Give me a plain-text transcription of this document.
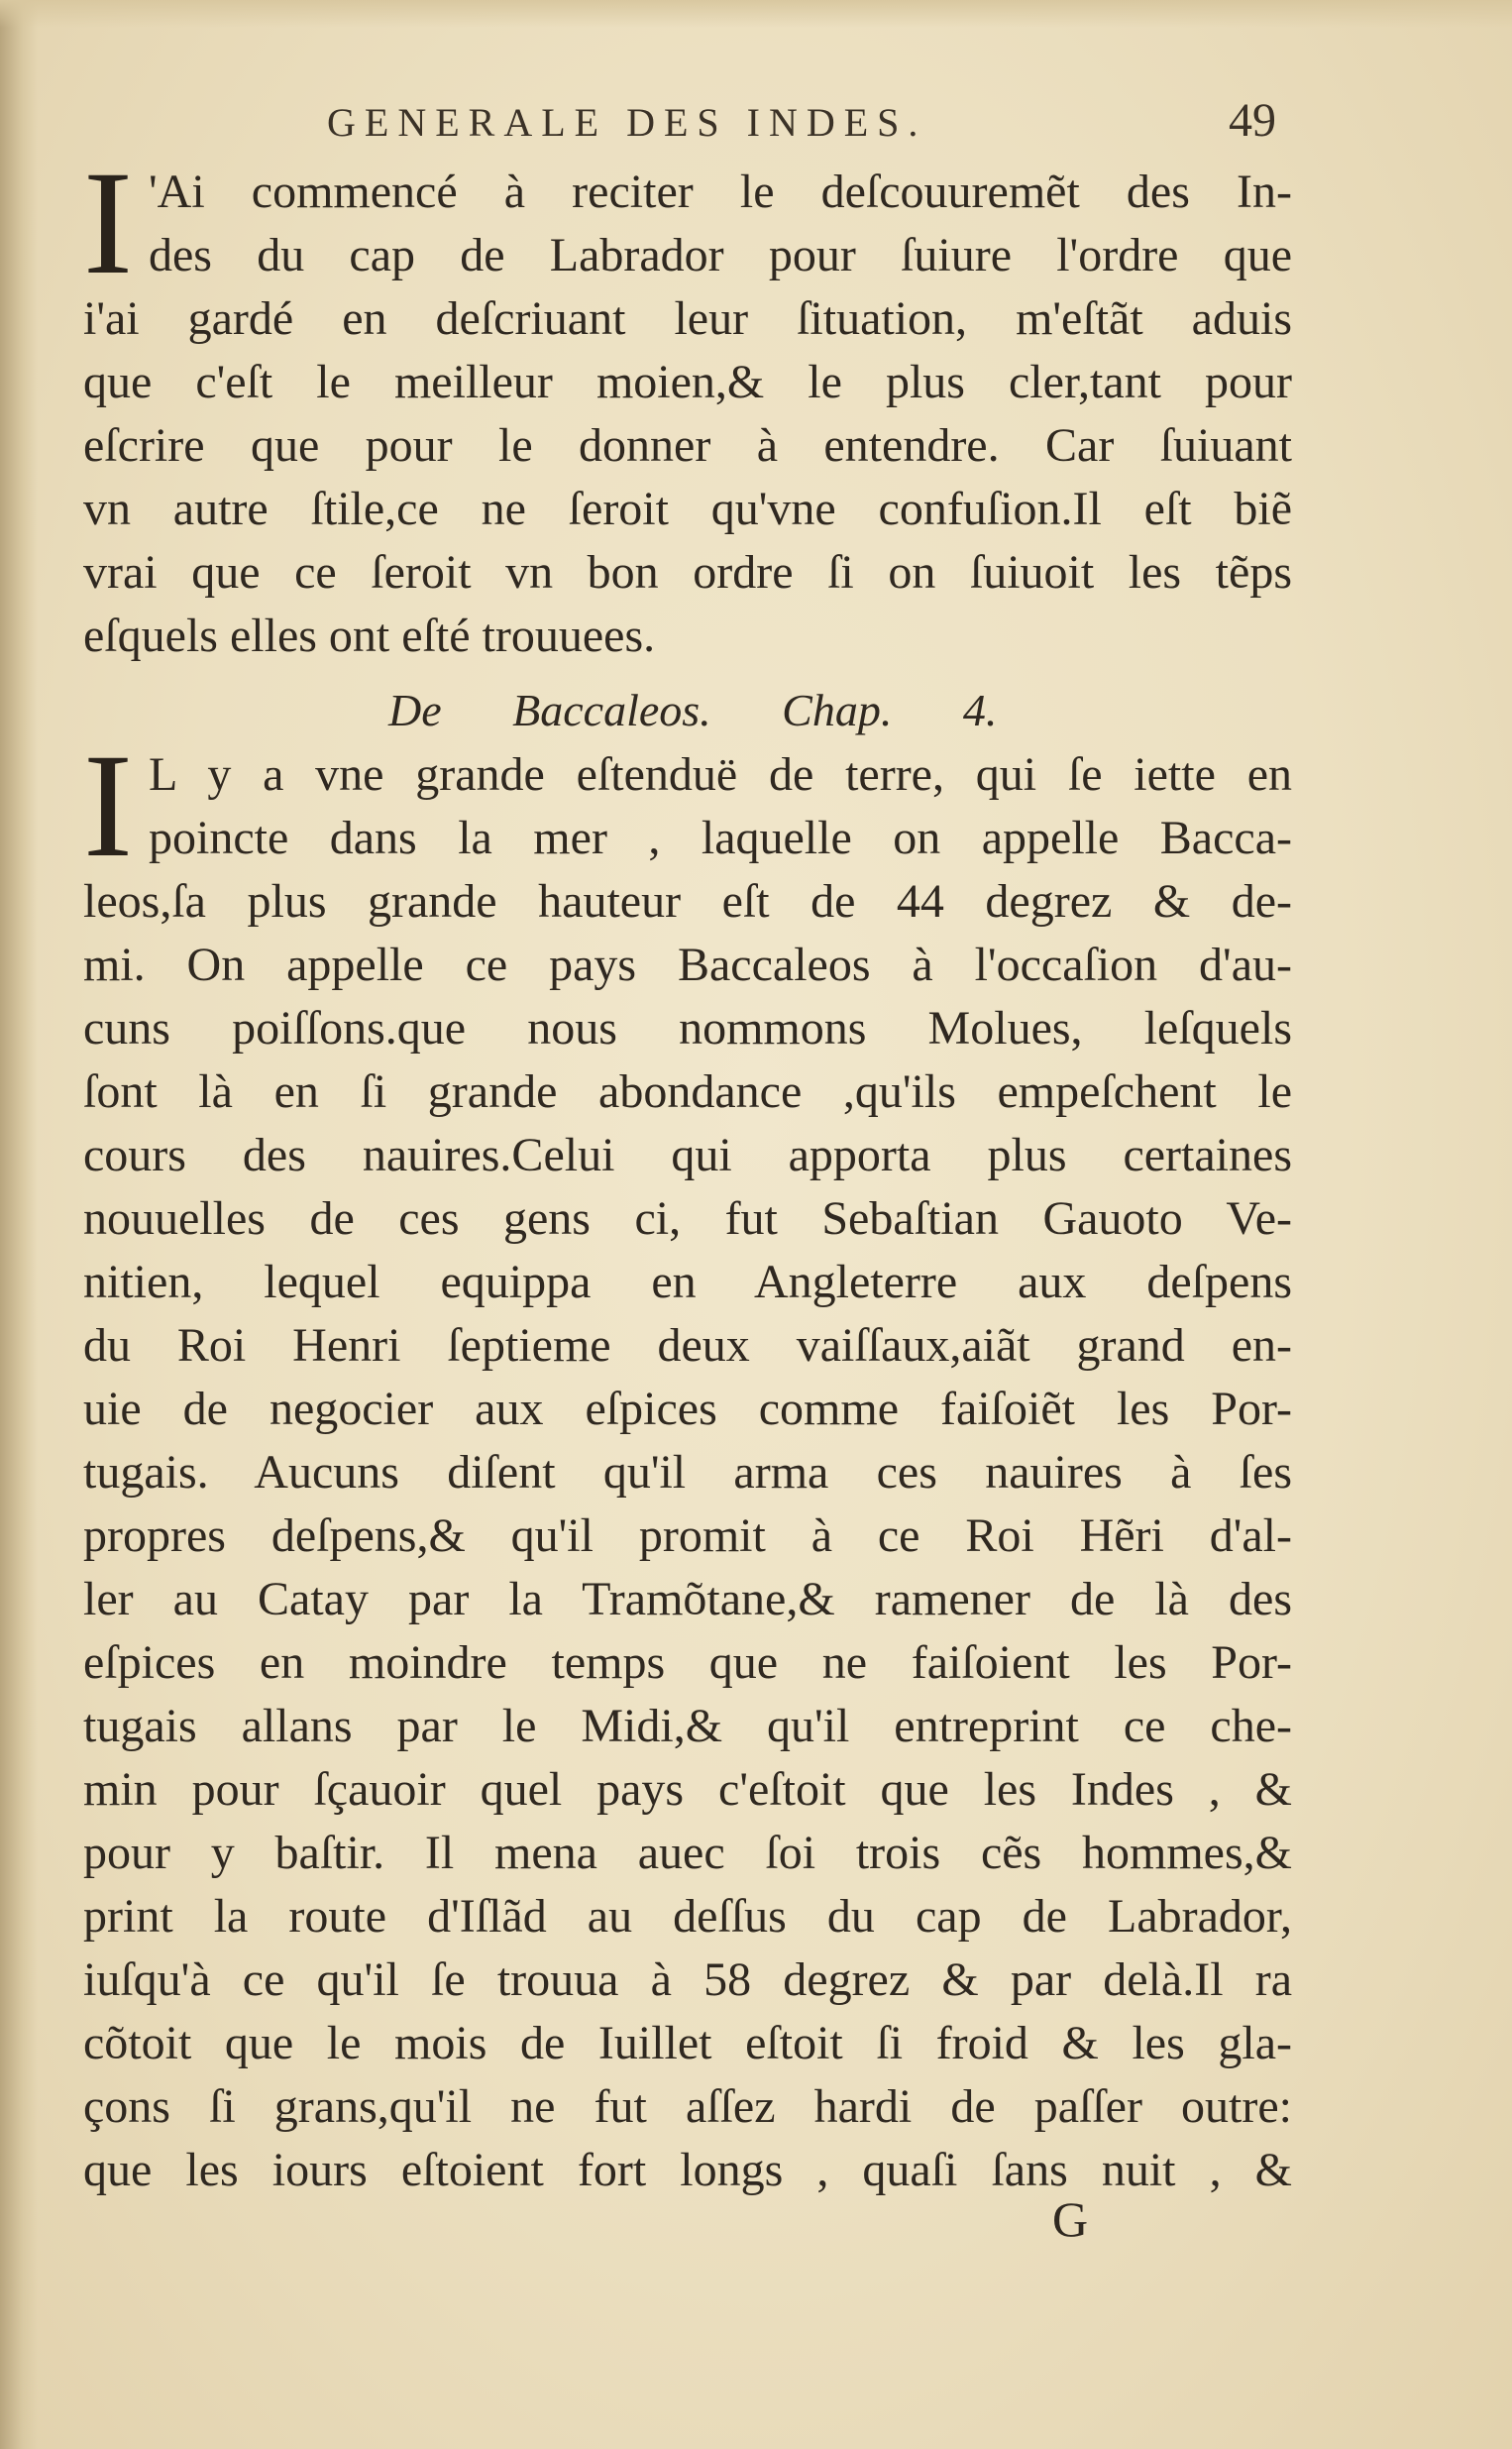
GENERALE DES INDES.	49
I 'Ai commencé à reciter le deſcouuremẽt des In-
des du cap de Labrador pour ſuiure l'ordre que
i'ai gardé en deſcriuant leur ſituation, m'eſtãt aduis
que c'eſt le meilleur moien,& le plus cler,tant pour
eſcrire que pour le donner à entendre. Car ſuiuant
vn autre ſtile,ce ne ſeroit qu'vne confuſion.Il eſt biẽ
vrai que ce ſeroit vn bon ordre ſi on ſuiuoit les tẽps
eſquels elles ont eſté trouuees.
De Baccaleos. Chap. 4.
I L y a vne grande eſtenduë de terre, qui ſe iette en
poincte dans la mer , laquelle on appelle Bacca-
leos,ſa plus grande hauteur eſt de 44 degrez & de-
mi. On appelle ce pays Baccaleos à l'occaſion d'au-
cuns poiſſons.que nous nommons Molues, leſquels
ſont là en ſi grande abondance ,qu'ils empeſchent le
cours des nauires.Celui qui apporta plus certaines
nouuelles de ces gens ci, fut Sebaſtian Gauoto Ve-
nitien, lequel equippa en Angleterre aux deſpens
du Roi Henri ſeptieme deux vaiſſaux,aiãt grand en-
uie de negocier aux eſpices comme faiſoiẽt les Por-
tugais. Aucuns diſent qu'il arma ces nauires à ſes
propres deſpens,& qu'il promit à ce Roi Hẽri d'al-
ler au Catay par la Tramõtane,& ramener de là des
eſpices en moindre temps que ne faiſoient les Por-
tugais allans par le Midi,& qu'il entreprint ce che-
min pour ſçauoir quel pays c'eſtoit que les Indes , &
pour y baſtir. Il mena auec ſoi trois cẽs hommes,&
print la route d'Iſlãd au deſſus du cap de Labrador,
iuſqu'à ce qu'il ſe trouua à 58 degrez & par delà.Il ra
cõtoit que le mois de Iuillet eſtoit ſi froid & les gla-
çons ſi grans,qu'il ne fut aſſez hardi de paſſer outre:
que les iours eſtoient fort longs , quaſi ſans nuit , &
G
